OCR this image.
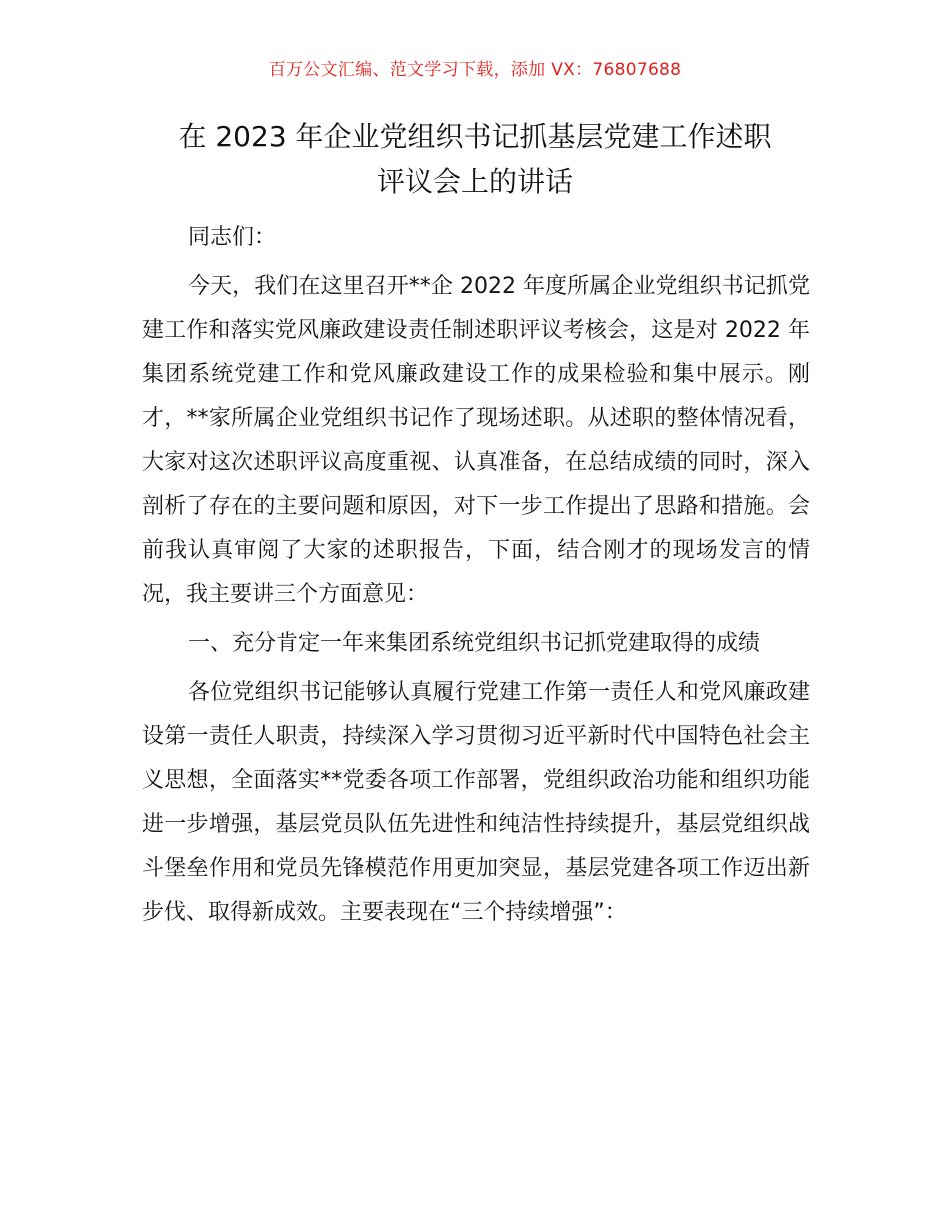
百万公文汇编、范文学习下载，添加 VX：76807688
在 2023 年企业党组织书记抓基层党建工作述职
评议会上的讲话

同志们：

今天，我们在这里召开**企 2022 年度所属企业党组织书记抓党建工作和落实党风廉政建设责任制述职评议考核会，这是对 2022 年集团系统党建工作和党风廉政建设工作的成果检验和集中展示。刚才，**家所属企业党组织书记作了现场述职。从述职的整体情况看，大家对这次述职评议高度重视、认真准备，在总结成绩的同时，深入剖析了存在的主要问题和原因，对下一步工作提出了思路和措施。会前我认真审阅了大家的述职报告，下面，结合刚才的现场发言的情况，我主要讲三个方面意见：

一、充分肯定一年来集团系统党组织书记抓党建取得的成绩

各位党组织书记能够认真履行党建工作第一责任人和党风廉政建设第一责任人职责，持续深入学习贯彻习近平新时代中国特色社会主义思想，全面落实**党委各项工作部署，党组织政治功能和组织功能进一步增强，基层党员队伍先进性和纯洁性持续提升，基层党组织战斗堡垒作用和党员先锋模范作用更加突显，基层党建各项工作迈出新步伐、取得新成效。主要表现在“三个持续增强”：
